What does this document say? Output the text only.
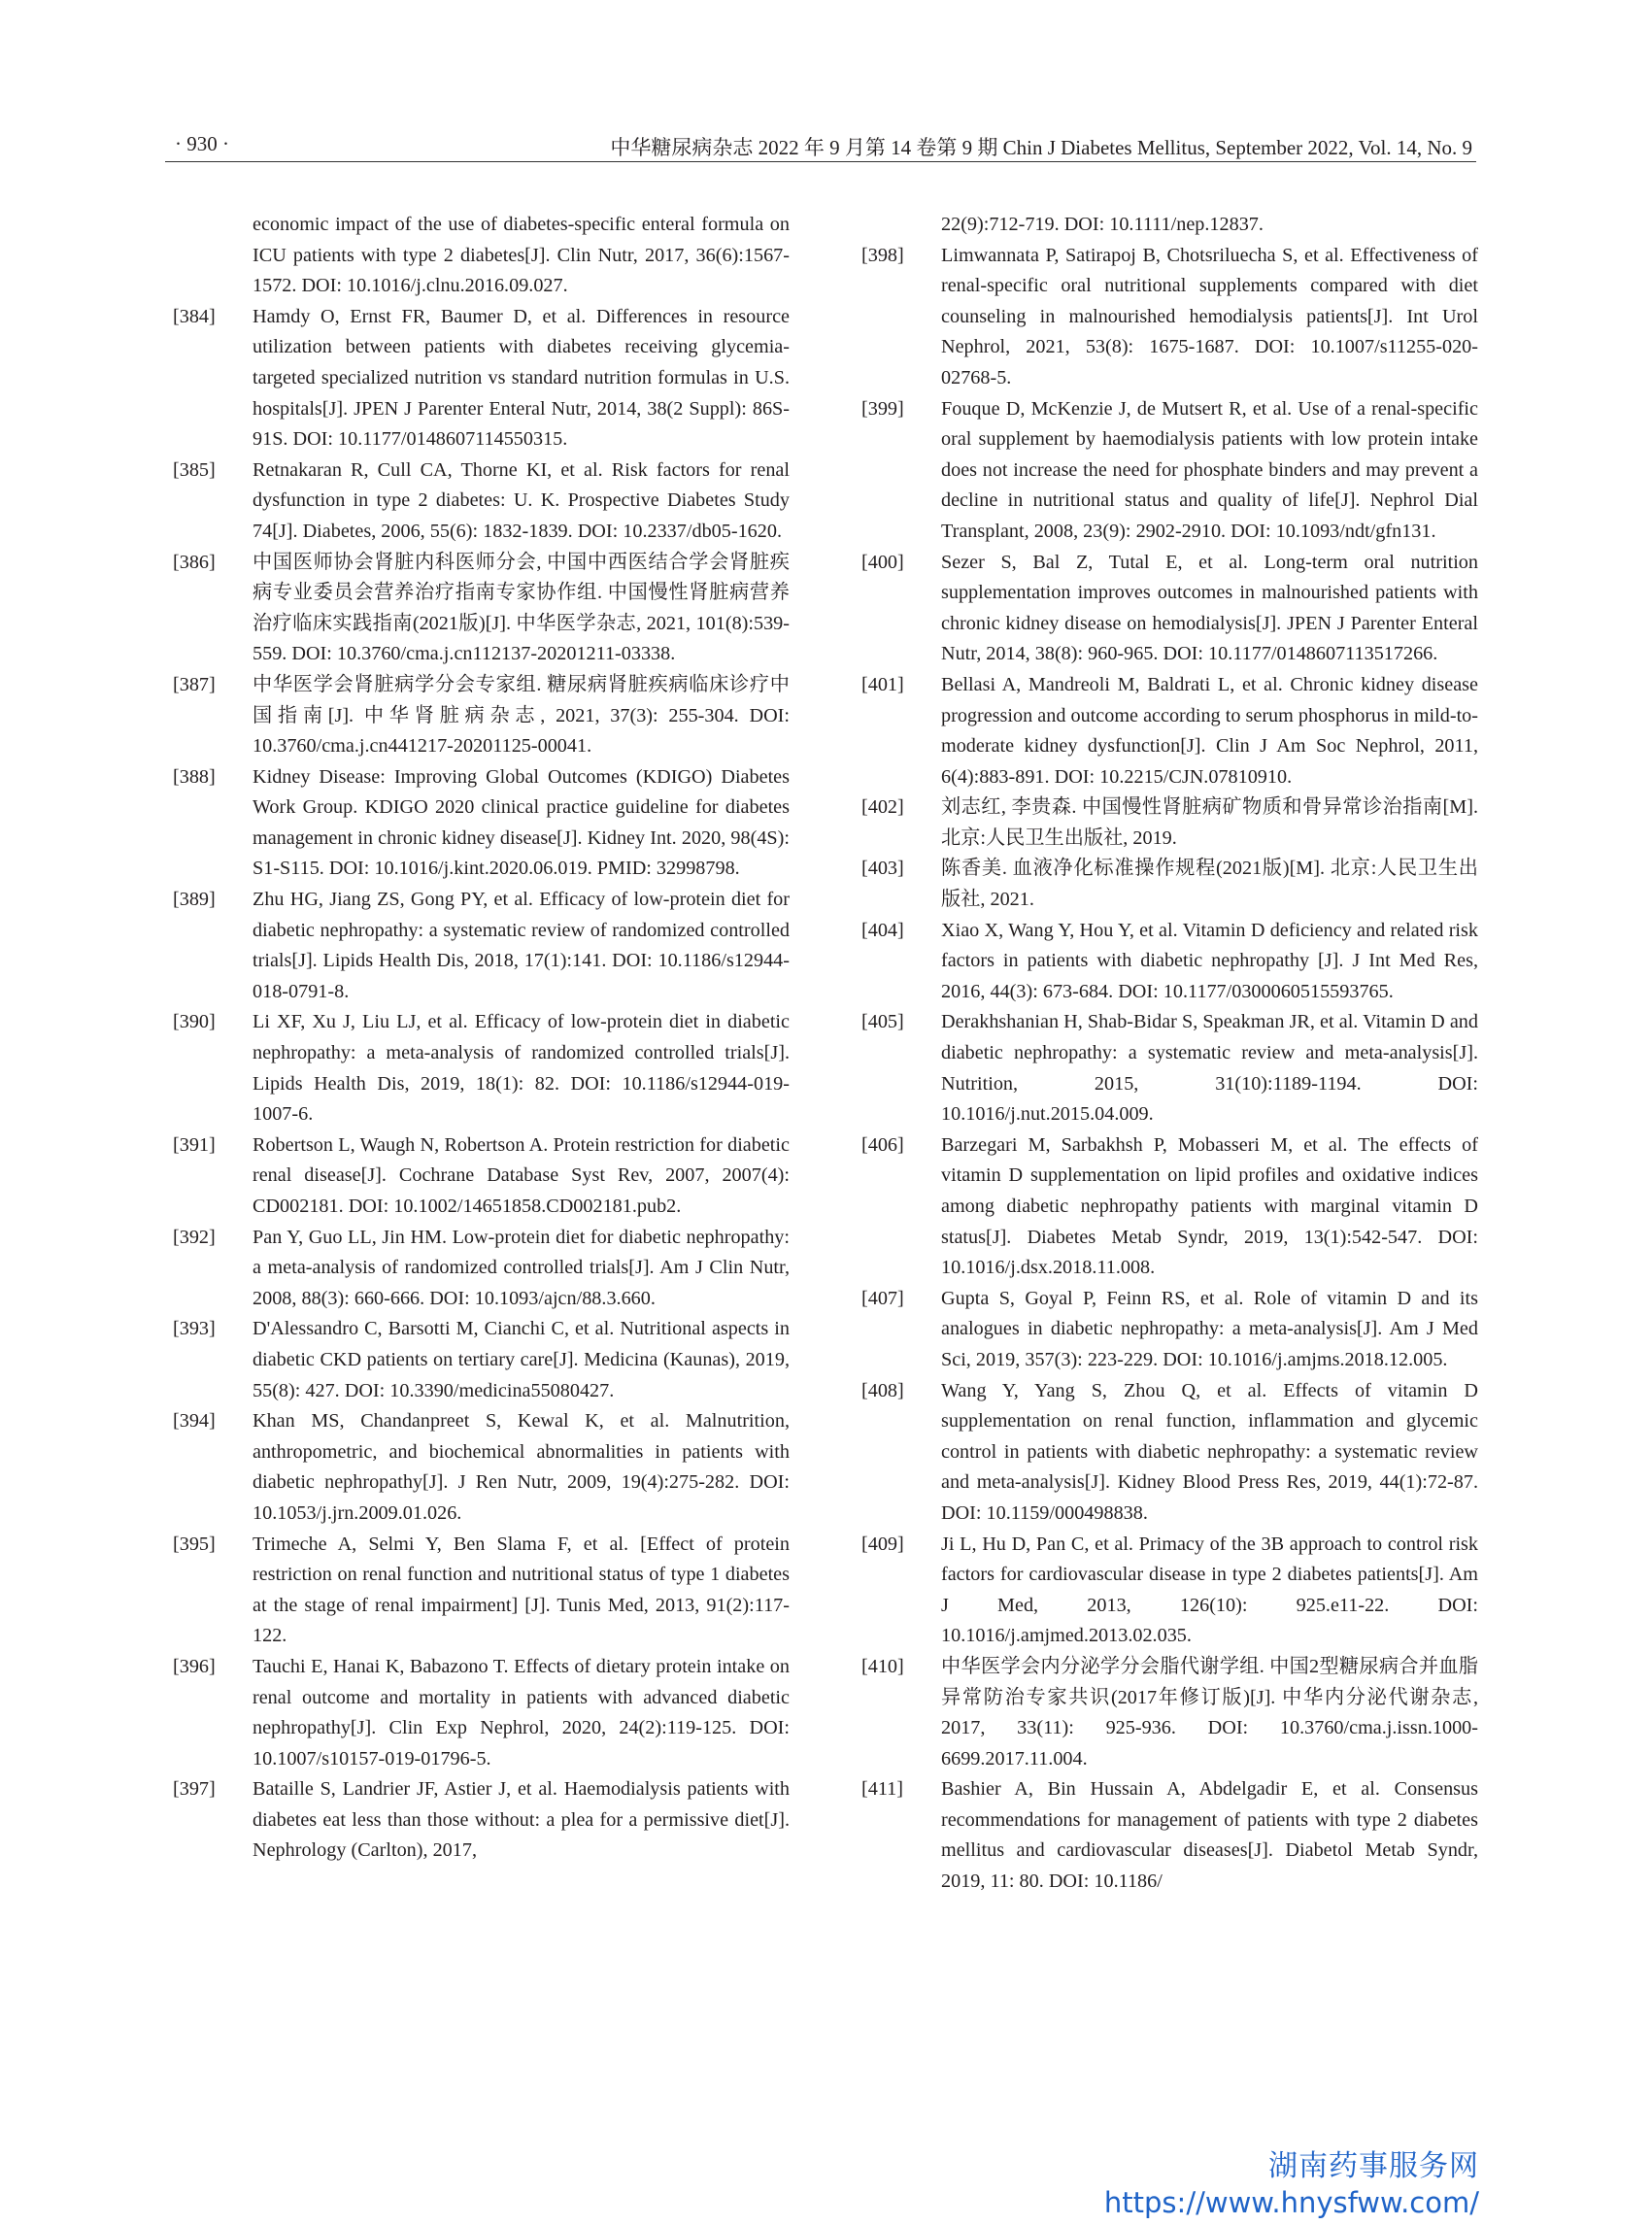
· 930 ·	中华糖尿病杂志 2022 年 9 月第 14 卷第 9 期 Chin J Diabetes Mellitus, September 2022, Vol. 14, No. 9

economic impact of the use of diabetes-specific enteral formula on ICU patients with type 2 diabetes[J]. Clin Nutr, 2017, 36(6):1567-1572. DOI: 10.1016/j.clnu.2016.09.027.

[384] Hamdy O, Ernst FR, Baumer D, et al. Differences in resource utilization between patients with diabetes receiving glycemia-targeted specialized nutrition vs standard nutrition formulas in U.S. hospitals[J]. JPEN J Parenter Enteral Nutr, 2014, 38(2 Suppl): 86S-91S. DOI: 10.1177/0148607114550315.

[385] Retnakaran R, Cull CA, Thorne KI, et al. Risk factors for renal dysfunction in type 2 diabetes: U. K. Prospective Diabetes Study 74[J]. Diabetes, 2006, 55(6): 1832-1839. DOI: 10.2337/db05-1620.

[386] 中国医师协会肾脏内科医师分会, 中国中西医结合学会肾脏疾病专业委员会营养治疗指南专家协作组. 中国慢性肾脏病营养治疗临床实践指南(2021版)[J]. 中华医学杂志, 2021, 101(8):539-559. DOI: 10.3760/cma.j.cn112137-20201211-03338.

[387] 中华医学会肾脏病学分会专家组. 糖尿病肾脏疾病临床诊疗中国指南[J]. 中华肾脏病杂志, 2021, 37(3): 255-304. DOI: 10.3760/cma.j.cn441217-20201125-00041.

[388] Kidney Disease: Improving Global Outcomes (KDIGO) Diabetes Work Group. KDIGO 2020 clinical practice guideline for diabetes management in chronic kidney disease[J]. Kidney Int. 2020, 98(4S): S1-S115. DOI: 10.1016/j.kint.2020.06.019. PMID: 32998798.

[389] Zhu HG, Jiang ZS, Gong PY, et al. Efficacy of low-protein diet for diabetic nephropathy: a systematic review of randomized controlled trials[J]. Lipids Health Dis, 2018, 17(1):141. DOI: 10.1186/s12944-018-0791-8.

[390] Li XF, Xu J, Liu LJ, et al. Efficacy of low-protein diet in diabetic nephropathy: a meta-analysis of randomized controlled trials[J]. Lipids Health Dis, 2019, 18(1): 82. DOI: 10.1186/s12944-019-1007-6.

[391] Robertson L, Waugh N, Robertson A. Protein restriction for diabetic renal disease[J]. Cochrane Database Syst Rev, 2007, 2007(4): CD002181. DOI: 10.1002/14651858.CD002181.pub2.

[392] Pan Y, Guo LL, Jin HM. Low-protein diet for diabetic nephropathy: a meta-analysis of randomized controlled trials[J]. Am J Clin Nutr, 2008, 88(3): 660-666. DOI: 10.1093/ajcn/88.3.660.

[393] D'Alessandro C, Barsotti M, Cianchi C, et al. Nutritional aspects in diabetic CKD patients on tertiary care[J]. Medicina (Kaunas), 2019, 55(8): 427. DOI: 10.3390/medicina55080427.

[394] Khan MS, Chandanpreet S, Kewal K, et al. Malnutrition, anthropometric, and biochemical abnormalities in patients with diabetic nephropathy[J]. J Ren Nutr, 2009, 19(4):275-282. DOI: 10.1053/j.jrn.2009.01.026.

[395] Trimeche A, Selmi Y, Ben Slama F, et al. [Effect of protein restriction on renal function and nutritional status of type 1 diabetes at the stage of renal impairment] [J]. Tunis Med, 2013, 91(2):117-122.

[396] Tauchi E, Hanai K, Babazono T. Effects of dietary protein intake on renal outcome and mortality in patients with advanced diabetic nephropathy[J]. Clin Exp Nephrol, 2020, 24(2):119-125. DOI: 10.1007/s10157-019-01796-5.

[397] Bataille S, Landrier JF, Astier J, et al. Haemodialysis patients with diabetes eat less than those without: a plea for a permissive diet[J]. Nephrology (Carlton), 2017,

22(9):712-719. DOI: 10.1111/nep.12837.

[398] Limwannata P, Satirapoj B, Chotsriluecha S, et al. Effectiveness of renal-specific oral nutritional supplements compared with diet counseling in malnourished hemodialysis patients[J]. Int Urol Nephrol, 2021, 53(8): 1675-1687. DOI: 10.1007/s11255-020-02768-5.

[399] Fouque D, McKenzie J, de Mutsert R, et al. Use of a renal-specific oral supplement by haemodialysis patients with low protein intake does not increase the need for phosphate binders and may prevent a decline in nutritional status and quality of life[J]. Nephrol Dial Transplant, 2008, 23(9): 2902-2910. DOI: 10.1093/ndt/gfn131.

[400] Sezer S, Bal Z, Tutal E, et al. Long-term oral nutrition supplementation improves outcomes in malnourished patients with chronic kidney disease on hemodialysis[J]. JPEN J Parenter Enteral Nutr, 2014, 38(8): 960-965. DOI: 10.1177/0148607113517266.

[401] Bellasi A, Mandreoli M, Baldrati L, et al. Chronic kidney disease progression and outcome according to serum phosphorus in mild-to-moderate kidney dysfunction[J]. Clin J Am Soc Nephrol, 2011, 6(4):883-891. DOI: 10.2215/CJN.07810910.

[402] 刘志红, 李贵森. 中国慢性肾脏病矿物质和骨异常诊治指南[M]. 北京:人民卫生出版社, 2019.

[403] 陈香美. 血液净化标准操作规程(2021版)[M]. 北京:人民卫生出版社, 2021.

[404] Xiao X, Wang Y, Hou Y, et al. Vitamin D deficiency and related risk factors in patients with diabetic nephropathy [J]. J Int Med Res, 2016, 44(3): 673-684. DOI: 10.1177/0300060515593765.

[405] Derakhshanian H, Shab-Bidar S, Speakman JR, et al. Vitamin D and diabetic nephropathy: a systematic review and meta-analysis[J]. Nutrition, 2015, 31(10):1189-1194. DOI: 10.1016/j.nut.2015.04.009.

[406] Barzegari M, Sarbakhsh P, Mobasseri M, et al. The effects of vitamin D supplementation on lipid profiles and oxidative indices among diabetic nephropathy patients with marginal vitamin D status[J]. Diabetes Metab Syndr, 2019, 13(1):542-547. DOI: 10.1016/j.dsx.2018.11.008.

[407] Gupta S, Goyal P, Feinn RS, et al. Role of vitamin D and its analogues in diabetic nephropathy: a meta-analysis[J]. Am J Med Sci, 2019, 357(3): 223-229. DOI: 10.1016/j.amjms.2018.12.005.

[408] Wang Y, Yang S, Zhou Q, et al. Effects of vitamin D supplementation on renal function, inflammation and glycemic control in patients with diabetic nephropathy: a systematic review and meta-analysis[J]. Kidney Blood Press Res, 2019, 44(1):72-87. DOI: 10.1159/000498838.

[409] Ji L, Hu D, Pan C, et al. Primacy of the 3B approach to control risk factors for cardiovascular disease in type 2 diabetes patients[J]. Am J Med, 2013, 126(10): 925.e11-22. DOI: 10.1016/j.amjmed.2013.02.035.

[410] 中华医学会内分泌学分会脂代谢学组. 中国2型糖尿病合并血脂异常防治专家共识(2017年修订版)[J]. 中华内分泌代谢杂志, 2017, 33(11): 925-936. DOI: 10.3760/cma.j.issn.1000-6699.2017.11.004.

[411] Bashier A, Bin Hussain A, Abdelgadir E, et al. Consensus recommendations for management of patients with type 2 diabetes mellitus and cardiovascular diseases[J]. Diabetol Metab Syndr, 2019, 11: 80. DOI: 10.1186/

湖南药事服务网
https://www.hnysfww.com/
